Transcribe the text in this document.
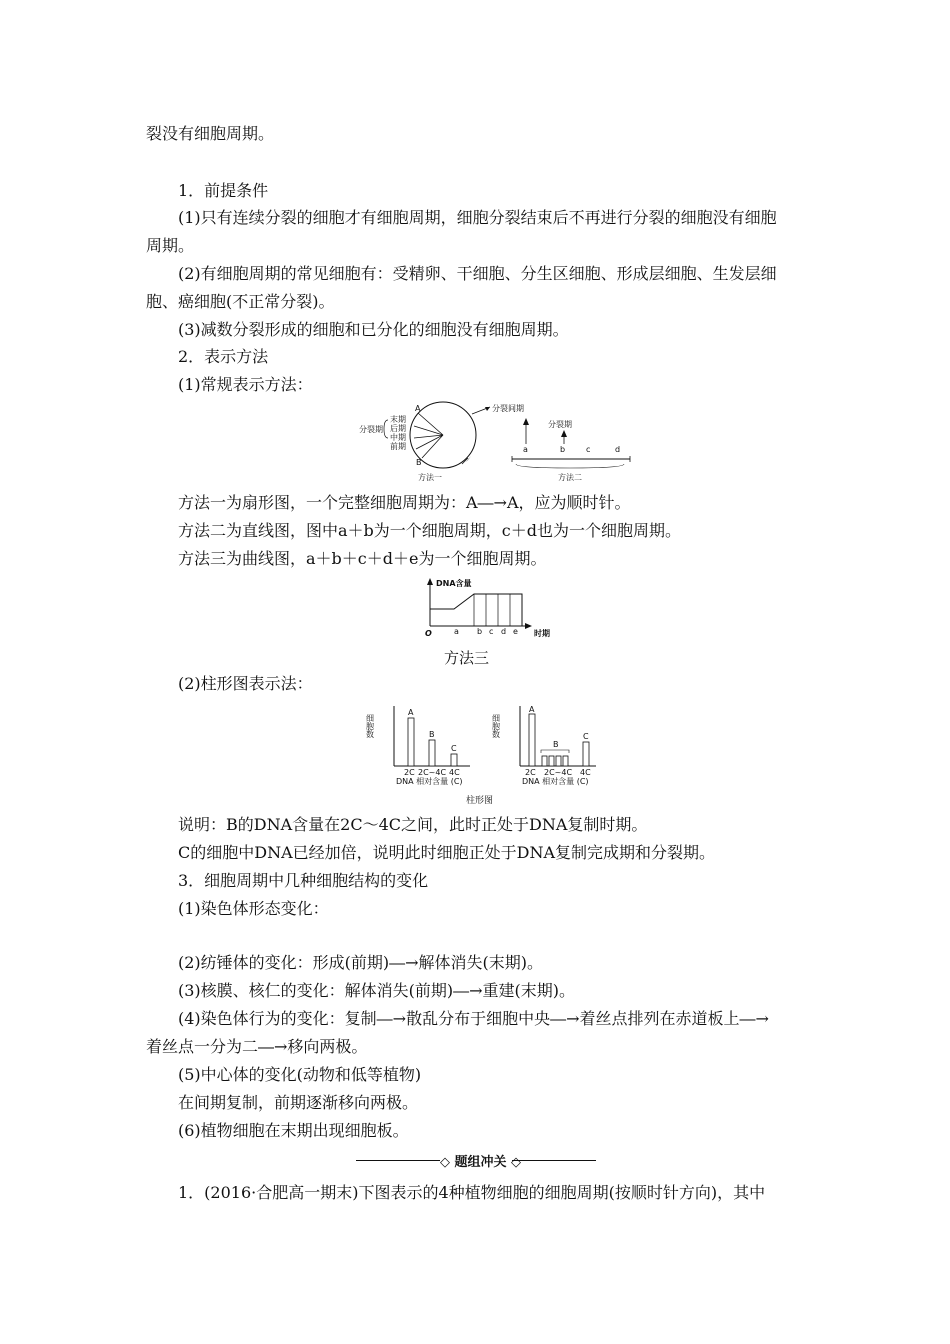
裂没有细胞周期。
1．前提条件
(1)只有连续分裂的细胞才有细胞周期，细胞分裂结束后不再进行分裂的细胞没有细胞
周期。
(2)有细胞周期的常见细胞有：受精卵、干细胞、分生区细胞、形成层细胞、生发层细
胞、癌细胞(不正常分裂)。
(3)减数分裂形成的细胞和已分化的细胞没有细胞周期。
2．表示方法
(1)常规表示方法：
分裂期
末期
后期
中期
前期
A
B
方法一
分裂间期
分裂期
a	b	c	d
方法二
方法一为扇形图，一个完整细胞周期为：A―→A，应为顺时针。
方法二为直线图，图中a＋b为一个细胞周期，c＋d也为一个细胞周期。
方法三为曲线图，a＋b＋c＋d＋e为一个细胞周期。
DNA含量
O	a b c d e 时期
方法三
(2)柱形图表示法：
细胞数
A
B
C
2C 2C~4C 4C
DNA 相对含量 (C)
细胞数
A
B
C
2C 2C~4C 4C
DNA 相对含量 (C)
柱形图
说明：B的DNA含量在2C～4C之间，此时正处于DNA复制时期。
C的细胞中DNA已经加倍，说明此时细胞正处于DNA复制完成期和分裂期。
3．细胞周期中几种细胞结构的变化
(1)染色体形态变化：
(2)纺锤体的变化：形成(前期)―→解体消失(末期)。
(3)核膜、核仁的变化：解体消失(前期)―→重建(末期)。
(4)染色体行为的变化：复制―→散乱分布于细胞中央―→着丝点排列在赤道板上―→
着丝点一分为二―→移向两极。
(5)中心体的变化(动物和低等植物)
在间期复制，前期逐渐移向两极。
(6)植物细胞在末期出现细胞板。
◇ 题组冲关 ◇
1．(2016·合肥高一期末)下图表示的4种植物细胞的细胞周期(按顺时针方向)，其中
